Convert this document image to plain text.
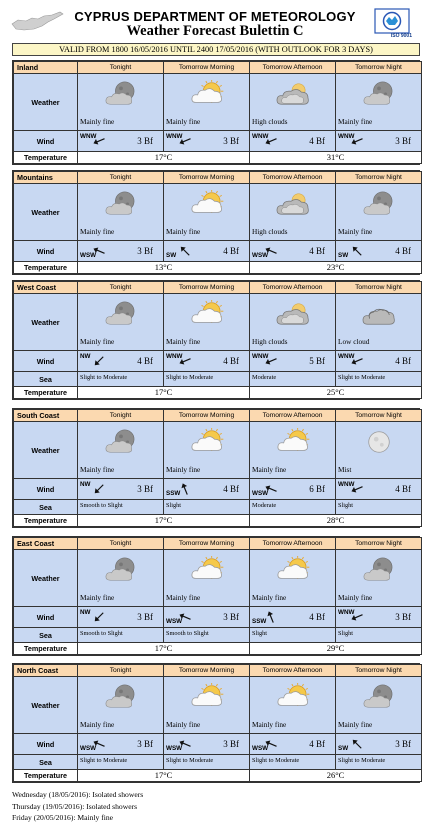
CYPRUS DEPARTMENT OF METEOROLOGY
Weather Forecast Bulettin C	ISO 9001
VALID FROM 1800 16/05/2016 UNTIL 2400 17/05/2016 (WITH OUTLOOK FOR 3 DAYS)
Inland	Tonight	Tomorrow Morning	Tomorrow Afternoon	Tomorrow Night
Weather	Mainly fine	Mainly fine	High clouds	Mainly fine

Wind	WNW 3 Bf	WNW 3 Bf	WNW 4 Bf	WNW 3 Bf

Temperature	17°C		31°C	
Mountains	Tonight	Tomorrow Morning	Tomorrow Afternoon	Tomorrow Night
Weather	Mainly fine	Mainly fine	High clouds	Mainly fine

Wind	WSW 3 Bf	SW 4 Bf	WSW 4 Bf	SW 4 Bf

Temperature	13°C		23°C	
West Coast	Tonight	Tomorrow Morning	Tomorrow Afternoon	Tomorrow Night
Weather	Mainly fine	Mainly fine	High clouds	Low cloud

Wind	NW 4 Bf	WNW 4 Bf	WNW 5 Bf	WNW 4 Bf

Sea	Slight to Moderate	Slight to Moderate	Moderate	Slight to Moderate

Temperature	17°C		25°C	
South Coast	Tonight	Tomorrow Morning	Tomorrow Afternoon	Tomorrow Night
Weather	Mainly fine	Mainly fine	Mainly fine	Mist

Wind	NW 3 Bf	SSW 4 Bf	WSW 6 Bf	WNW 4 Bf

Sea	Smooth to Slight	Slight	Moderate	Slight

Temperature	17°C		28°C	
East Coast	Tonight	Tomorrow Morning	Tomorrow Afternoon	Tomorrow Night
Weather	Mainly fine	Mainly fine	Mainly fine	Mainly fine

Wind	NW 3 Bf	WSW 3 Bf	SSW 4 Bf	WNW 3 Bf

Sea	Smooth to Slight	Smooth to Slight	Slight	Slight

Temperature	17°C		29°C	
North Coast	Tonight	Tomorrow Morning	Tomorrow Afternoon	Tomorrow Night
Weather	Mainly fine	Mainly fine	Mainly fine	Mainly fine

Wind	WSW 3 Bf	WSW 3 Bf	WSW 4 Bf	SW 3 Bf

Sea	Slight to Moderate	Slight to Moderate	Slight to Moderate	Slight to Moderate

Temperature	17°C		26°C	
Wednesday (18/05/2016): Isolated showers
Thursday (19/05/2016): Isolated showers
Friday (20/05/2016): Mainly fine
